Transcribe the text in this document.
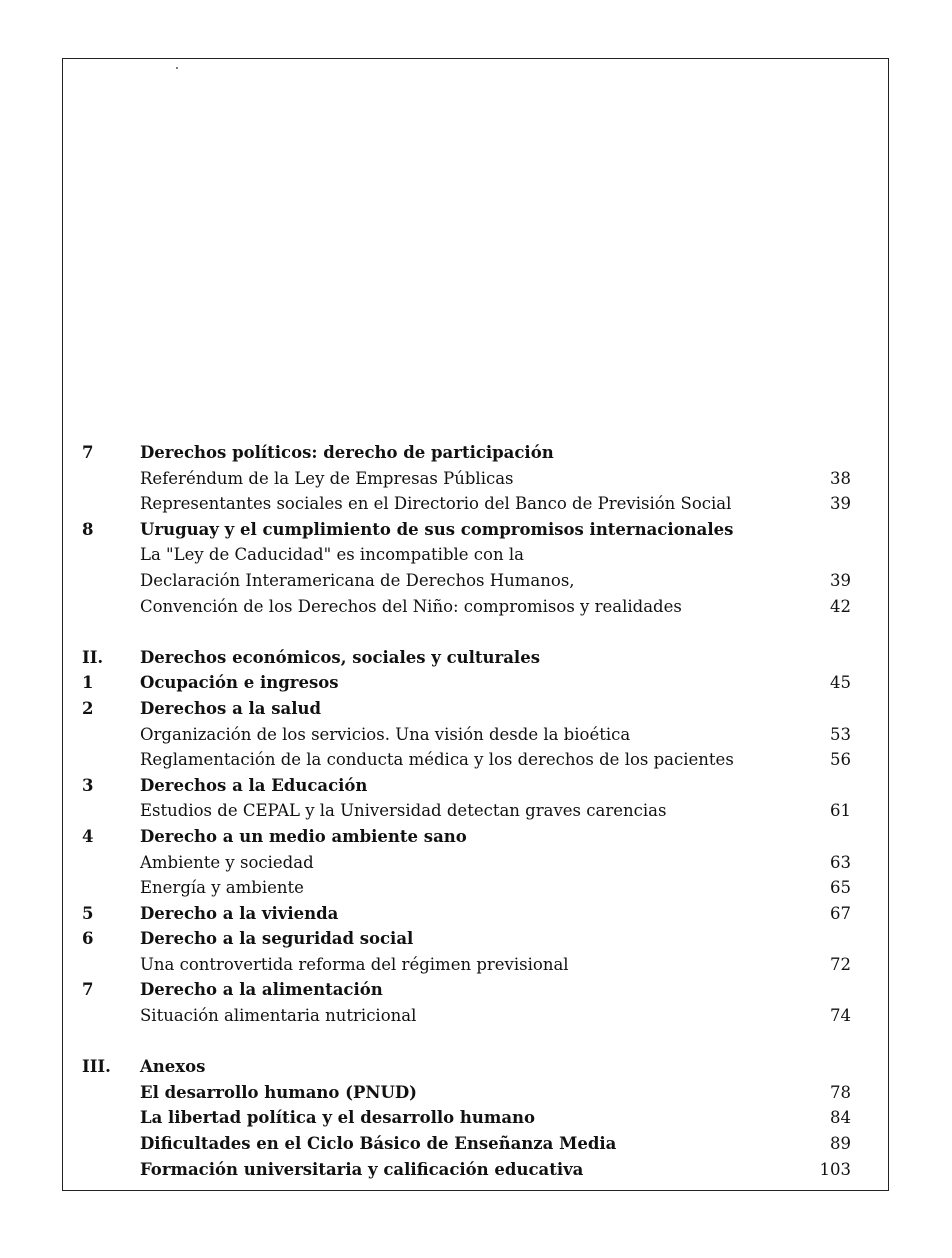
7	Derechos políticos: derecho de participación
Referéndum de la Ley de Empresas Públicas	38
Representantes sociales en el Directorio del Banco de Previsión Social	39
8	Uruguay y el cumplimiento de sus compromisos internacionales
La "Ley de Caducidad" es incompatible con la
Declaración Interamericana de Derechos Humanos,	39
Convención de los Derechos del Niño: compromisos y realidades	42
II. Derechos económicos, sociales y culturales
1	Ocupación e ingresos	45
2	Derechos a la salud
Organización de los servicios. Una visión desde la bioética	53
Reglamentación de la conducta médica y los derechos de los pacientes	56
3	Derechos a la Educación
Estudios de CEPAL y la Universidad detectan graves carencias	61
4	Derecho a un medio ambiente sano
Ambiente y sociedad	63
Energía y ambiente	65
5	Derecho a la vivienda	67
6	Derecho a la seguridad social
Una controvertida reforma del régimen previsional	72
7	Derecho a la alimentación
Situación alimentaria nutricional	74
III. Anexos
El desarrollo humano (PNUD)	78
La libertad política y el desarrollo humano	84
Dificultades en el Ciclo Básico de Enseñanza Media	89
Formación universitaria y calificación educativa	103
